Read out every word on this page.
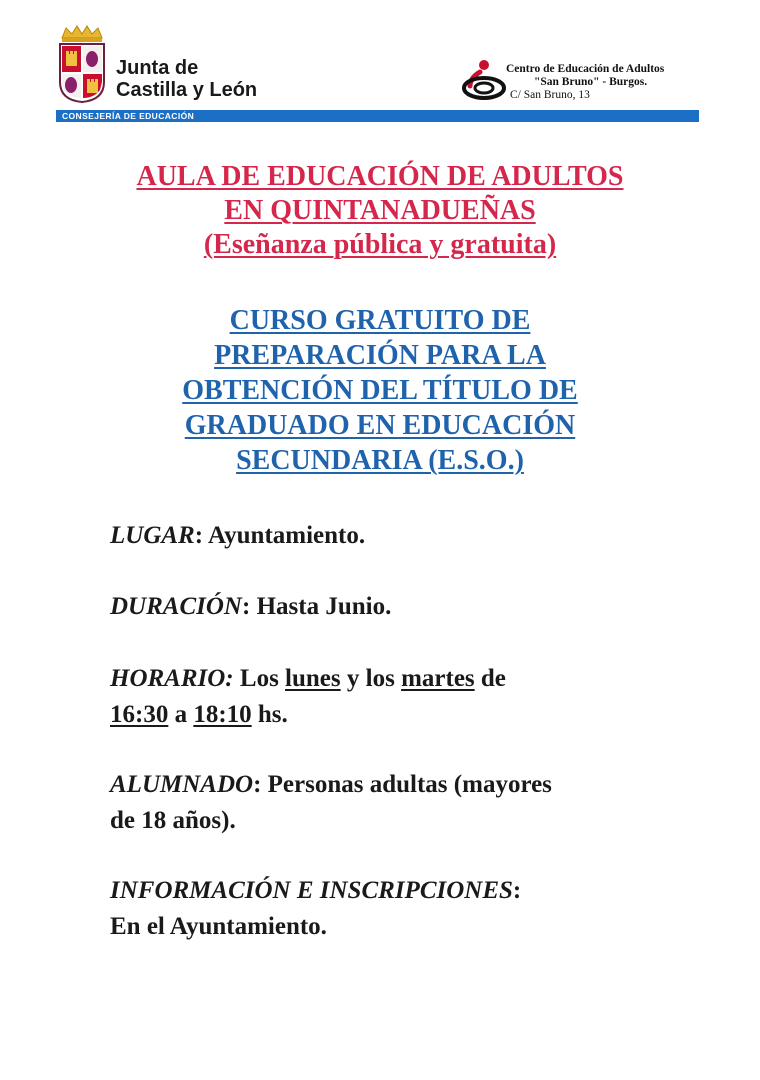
Junta de
Castilla y León
CONSEJERÍA DE EDUCACIÓN
Centro de Educación de Adultos
"San Bruno" - Burgos.
C/ San Bruno, 13
AULA DE EDUCACIÓN DE ADULTOS
EN QUINTANADUEÑAS
(Eseñanza pública y gratuita)
CURSO GRATUITO DE
PREPARACIÓN PARA LA
OBTENCIÓN DEL TÍTULO DE
GRADUADO EN EDUCACIÓN
SECUNDARIA (E.S.O.)
LUGAR: Ayuntamiento.
DURACIÓN: Hasta Junio.
HORARIO: Los lunes y los martes de
16:30 a 18:10 hs.
ALUMNADO: Personas adultas (mayores
de 18 años).
INFORMACIÓN E INSCRIPCIONES:
En el Ayuntamiento.
